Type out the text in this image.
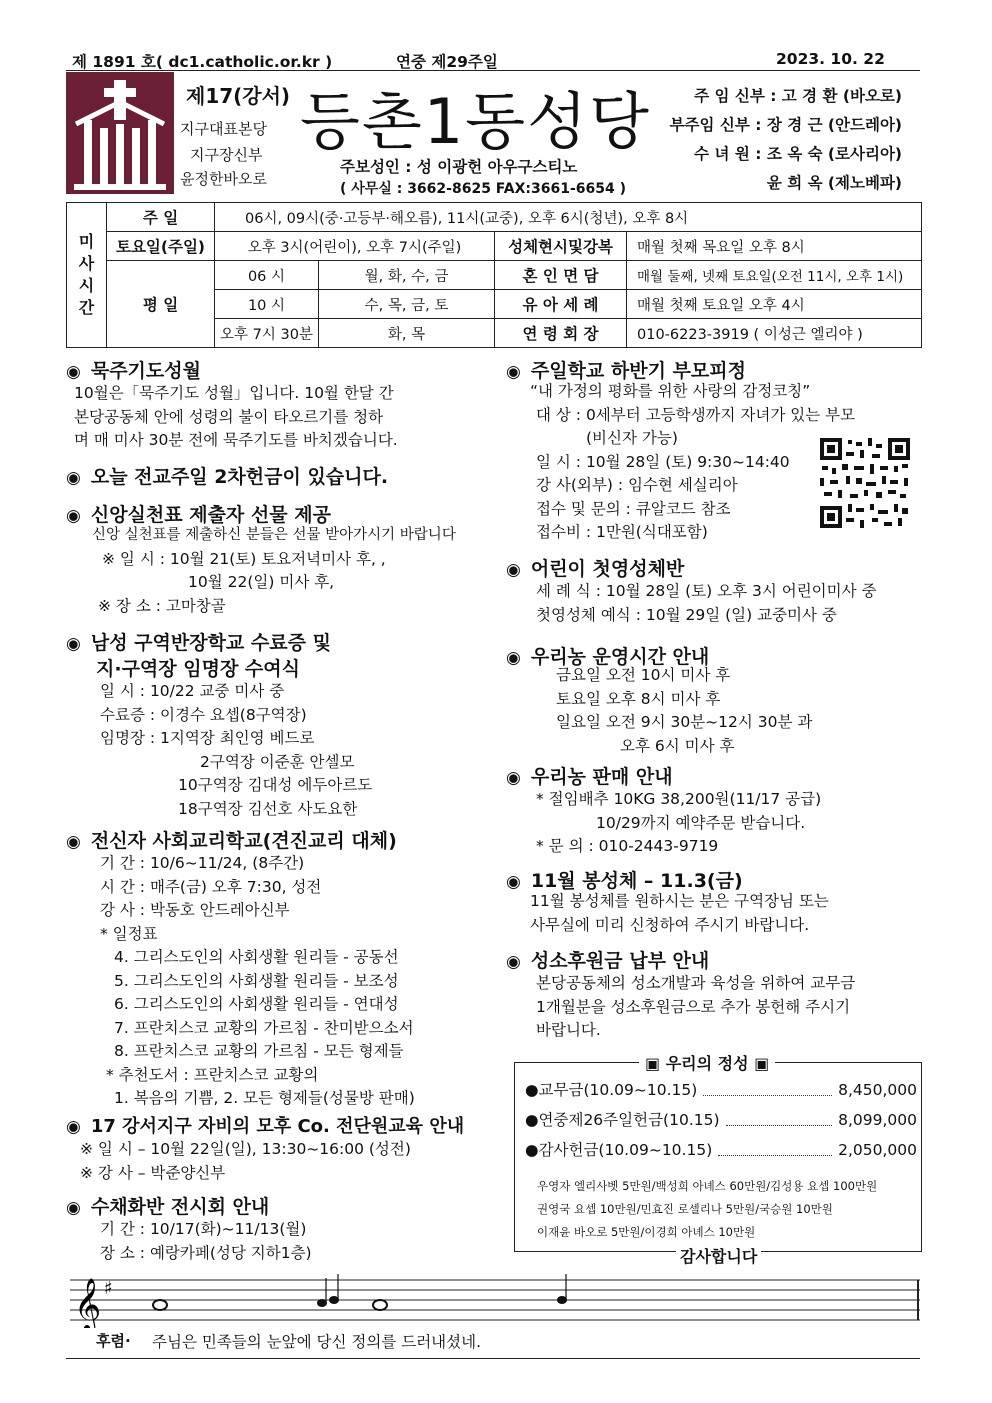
제 1891 호( dc1.catholic.or.kr )	연중 제29주일	2023. 10. 22
제17(강서)
지구대표본당
지구장신부
윤정한바오로
등촌1동성당
주보성인 : 성 이광헌 아우구스티노
( 사무실 : 3662-8625 FAX:3661-6654 )
주 임 신부 : 고 경 환 (바오로)
부주임 신부 : 장 경 근 (안드레아)
수 녀 원 : 조 옥 숙 (로사리아)
윤 희 옥 (제노베파)
미
사
시
간	주 일	06시, 09시(중·고등부·해오름), 11시(교중), 오후 6시(청년), 오후 8시			
	토요일(주일)	오후 3시(어린이), 오후 7시(주일)		성체현시및강복	매월 첫째 목요일 오후 8시
	평 일	06 시	월, 화, 수, 금	혼 인 면 담	매월 둘째, 넷째 토요일(오전 11시, 오후 1시)
		10 시	수, 목, 금, 토	유 아 세 례	매월 첫째 토요일 오후 4시
		오후 7시 30분	화, 목	연 령 회 장	010-6223-3919 ( 이성근 엘리야 )
◉ 묵주기도성월
10월은「묵주기도 성월」입니다. 10월 한달 간
본당공동체 안에 성령의 불이 타오르기를 청하
며 매 미사 30분 전에 묵주기도를 바치겠습니다.
◉ 오늘 전교주일 2차헌금이 있습니다.
◉ 신앙실천표 제출자 선물 제공
신앙 실천표를 제출하신 분들은 선물 받아가시기 바랍니다
※ 일 시 : 10월 21(토) 토요저녁미사 후, ,
10월 22(일) 미사 후,
※ 장 소 : 고마창골
◉ 남성 구역반장학교 수료증 및
지·구역장 임명장 수여식
일 시 : 10/22 교중 미사 중
수료증 : 이경수 요셉(8구역장)
임명장 : 1지역장 최인영 베드로
2구역장 이준훈 안셀모
10구역장 김대성 에두아르도
18구역장 김선호 사도요한
◉ 전신자 사회교리학교(견진교리 대체)
기 간 : 10/6~11/24, (8주간)
시 간 : 매주(금) 오후 7:30, 성전
강 사 : 박동호 안드레아신부
* 일정표
4. 그리스도인의 사회생활 원리들 - 공동선
5. 그리스도인의 사회생활 원리들 - 보조성
6. 그리스도인의 사회생활 원리들 - 연대성
7. 프란치스코 교황의 가르침 - 찬미받으소서
8. 프란치스코 교황의 가르침 - 모든 형제들
* 추천도서 : 프란치스코 교황의
1. 복음의 기쁨, 2. 모든 형제들(성물방 판매)
◉ 17 강서지구 자비의 모후 Co. 전단원교육 안내
※ 일 시 – 10월 22일(일), 13:30~16:00 (성전)
※ 강 사 – 박준양신부
◉ 수채화반 전시회 안내
기 간 : 10/17(화)~11/13(월)
장 소 : 예랑카페(성당 지하1층)
◉ 주일학교 하반기 부모피정
“내 가정의 평화를 위한 사랑의 감정코칭”
대 상 : 0세부터 고등학생까지 자녀가 있는 부모
(비신자 가능)
일 시 : 10월 28일 (토) 9:30~14:40
강 사(외부) : 임수현 세실리아
접수 및 문의 : 큐알코드 참조
접수비 : 1만원(식대포함)
◉ 어린이 첫영성체반
세 례 식 : 10월 28일 (토) 오후 3시 어린이미사 중
첫영성체 예식 : 10월 29일 (일) 교중미사 중
◉ 우리농 운영시간 안내
금요일 오전 10시 미사 후
토요일 오후 8시 미사 후
일요일 오전 9시 30분~12시 30분 과
오후 6시 미사 후
◉ 우리농 판매 안내
* 절임배추 10KG 38,200원(11/17 공급)
10/29까지 예약주문 받습니다.
* 문 의 : 010-2443-9719
◉ 11월 봉성체 – 11.3(금)
11월 봉성체를 원하시는 분은 구역장님 또는
사무실에 미리 신청하여 주시기 바랍니다.
◉ 성소후원금 납부 안내
본당공동체의 성소개발과 육성을 위하여 교무금
1개월분을 성소후원금으로 추가 봉헌해 주시기
바랍니다.
▣ 우리의 정성 ▣
●교무금(10.09~10.15)	8,450,000
●연중제26주일헌금(10.15)	8,099,000
●감사헌금(10.09~10.15)	2,050,000
우영자 엘리사벳 5만원/백성희 아녜스 60만원/김성용 요셉 100만원
권영국 요셉 10만원/민효진 로셀리나 5만원/국승원 10만원
이재윤 바오로 5만원/이경희 아녜스 10만원
감사합니다
𝄞 ♯
후렴· 주님은 민족들의 눈앞에 당신 정의를 드러내셨네.
